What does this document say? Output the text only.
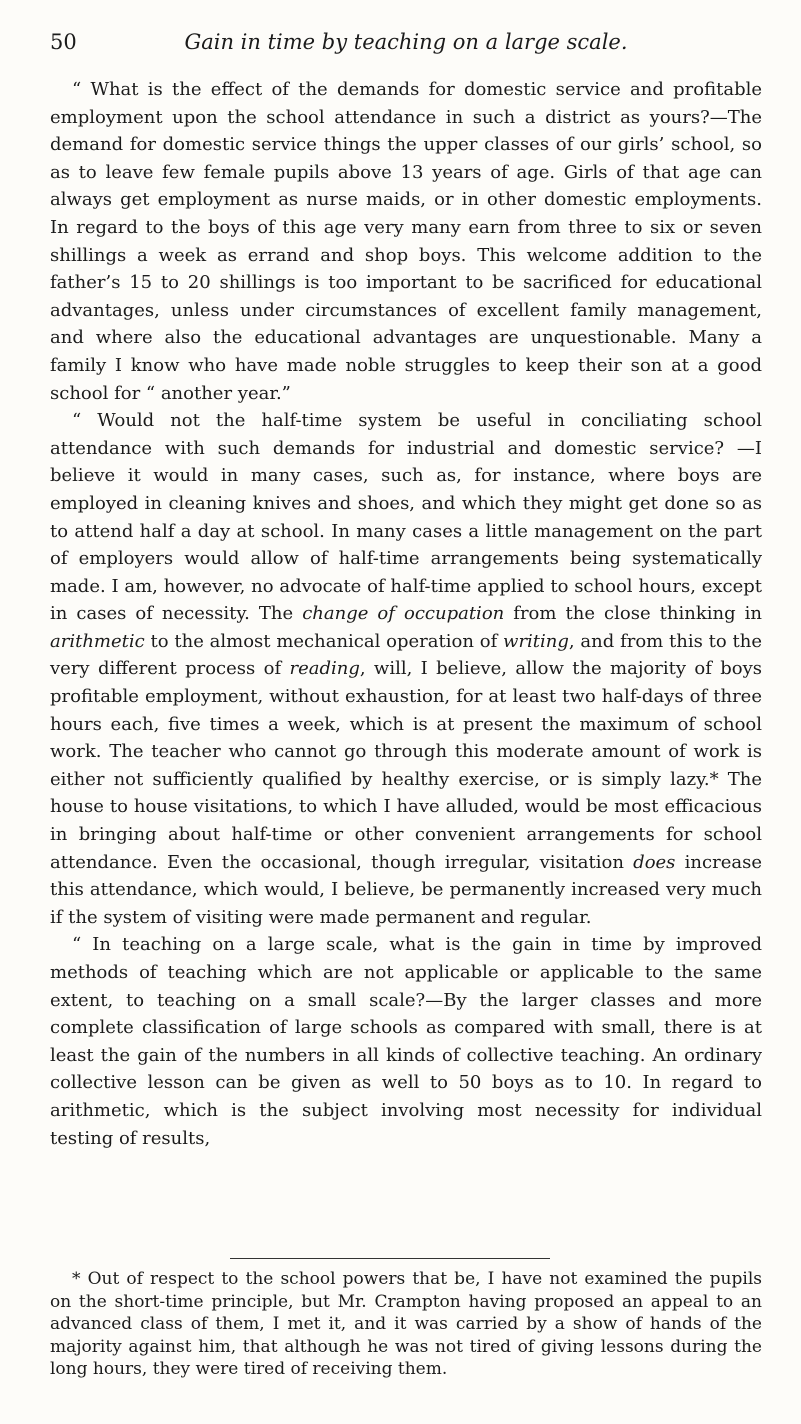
50	Gain in time by teaching on a large scale.

“ What is the effect of the demands for domestic service and profitable employment upon the school attendance in such a district as yours?—The demand for domestic service things the upper classes of our girls’ school, so as to leave few female pupils above 13 years of age. Girls of that age can always get employment as nurse maids, or in other domestic employments. In regard to the boys of this age very many earn from three to six or seven shillings a week as errand and shop boys. This welcome addition to the father’s 15 to 20 shillings is too important to be sacrificed for educational advantages, unless under circumstances of excellent family management, and where also the educational advantages are unquestionable. Many a family I know who have made noble struggles to keep their son at a good school for “ another year.”

“ Would not the half-time system be useful in conciliating school attendance with such demands for industrial and domestic service? —I believe it would in many cases, such as, for instance, where boys are employed in cleaning knives and shoes, and which they might get done so as to attend half a day at school. In many cases a little management on the part of employers would allow of half-time arrangements being systematically made. I am, however, no advocate of half-time applied to school hours, except in cases of necessity. The change of occupation from the close thinking in arithmetic to the almost mechanical operation of writing, and from this to the very different process of reading, will, I believe, allow the majority of boys profitable employment, without exhaustion, for at least two half-days of three hours each, five times a week, which is at present the maximum of school work. The teacher who cannot go through this moderate amount of work is either not sufficiently qualified by healthy exercise, or is simply lazy.* The house to house visitations, to which I have alluded, would be most efficacious in bringing about half-time or other convenient arrangements for school attendance. Even the occasional, though irregular, visitation does increase this attendance, which would, I believe, be permanently increased very much if the system of visiting were made permanent and regular.

“ In teaching on a large scale, what is the gain in time by improved methods of teaching which are not applicable or applicable to the same extent, to teaching on a small scale?—By the larger classes and more complete classification of large schools as compared with small, there is at least the gain of the numbers in all kinds of collective teaching. An ordinary collective lesson can be given as well to 50 boys as to 10. In regard to arithmetic, which is the subject involving most necessity for individual testing of results,

* Out of respect to the school powers that be, I have not examined the pupils on the short-time principle, but Mr. Crampton having proposed an appeal to an advanced class of them, I met it, and it was carried by a show of hands of the majority against him, that although he was not tired of giving lessons during the long hours, they were tired of receiving them.
